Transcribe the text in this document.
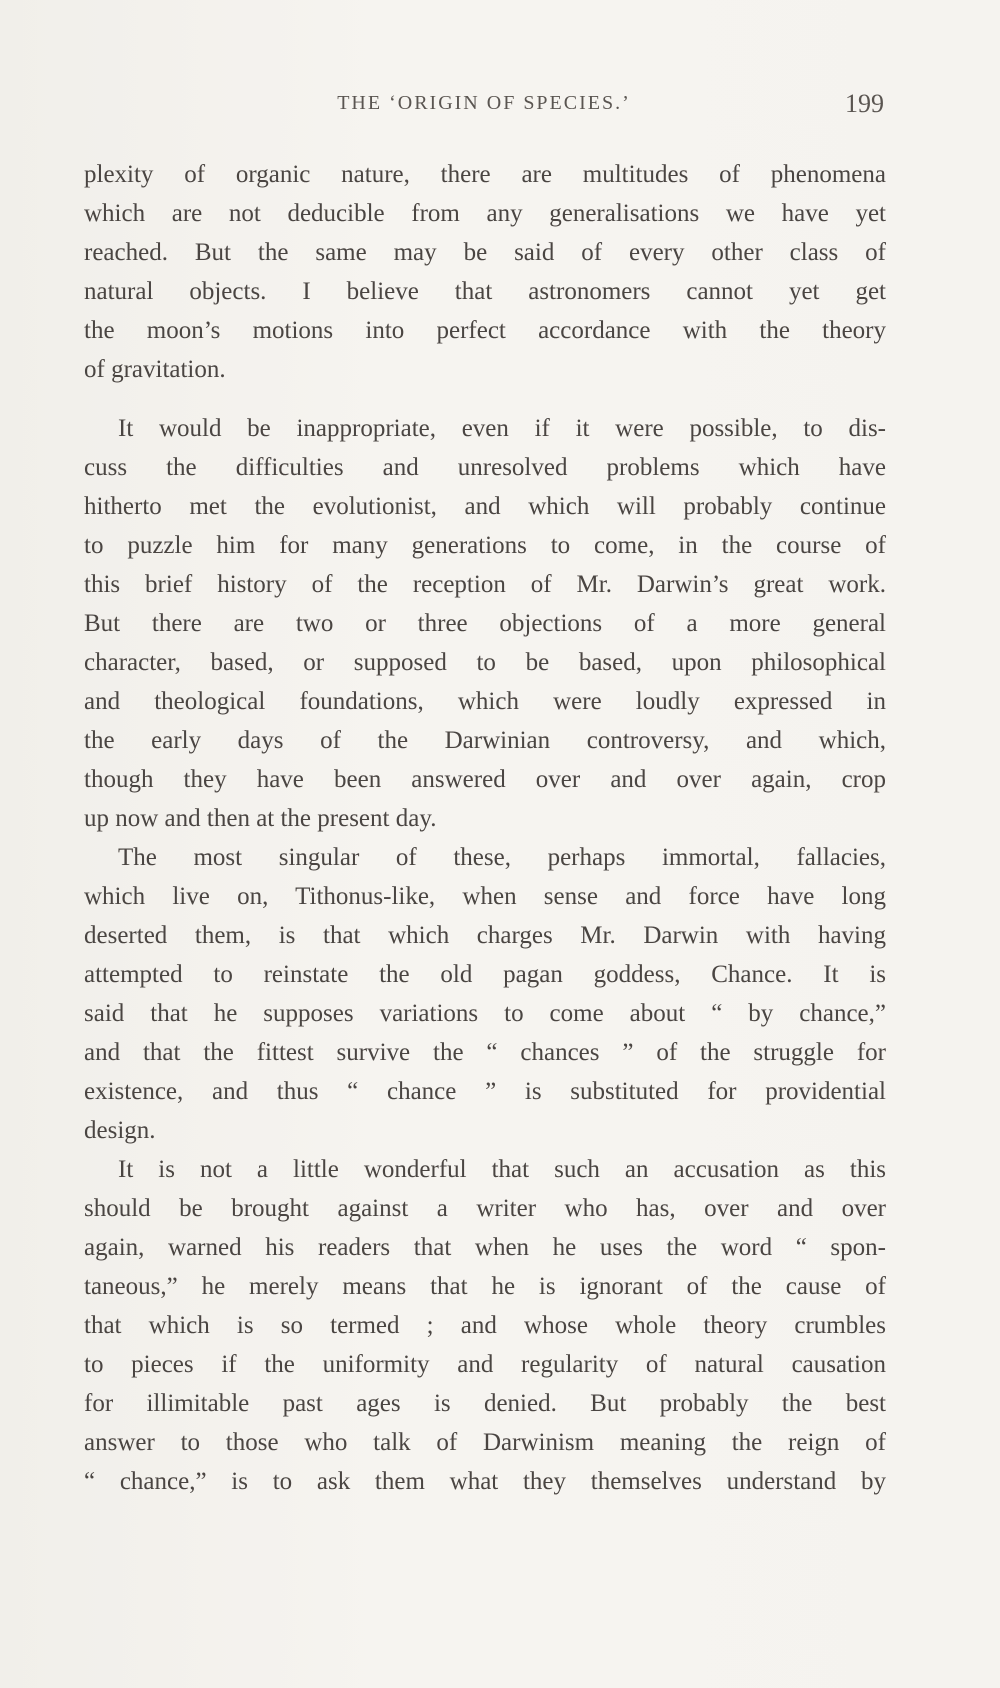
THE ‘ORIGIN OF SPECIES.’	199
plexity of organic nature, there are multitudes of phenomena
which are not deducible from any generalisations we have yet
reached. But the same may be said of every other class of
natural objects. I believe that astronomers cannot yet get
the moon’s motions into perfect accordance with the theory
of gravitation.
It would be inappropriate, even if it were possible, to dis-
cuss the difficulties and unresolved problems which have
hitherto met the evolutionist, and which will probably continue
to puzzle him for many generations to come, in the course of
this brief history of the reception of Mr. Darwin’s great work.
But there are two or three objections of a more general
character, based, or supposed to be based, upon philosophical
and theological foundations, which were loudly expressed in
the early days of the Darwinian controversy, and which,
though they have been answered over and over again, crop
up now and then at the present day.
The most singular of these, perhaps immortal, fallacies,
which live on, Tithonus-like, when sense and force have long
deserted them, is that which charges Mr. Darwin with having
attempted to reinstate the old pagan goddess, Chance. It is
said that he supposes variations to come about “ by chance,”
and that the fittest survive the “ chances ” of the struggle for
existence, and thus “ chance ” is substituted for providential
design.
It is not a little wonderful that such an accusation as this
should be brought against a writer who has, over and over
again, warned his readers that when he uses the word “ spon-
taneous,” he merely means that he is ignorant of the cause of
that which is so termed ; and whose whole theory crumbles
to pieces if the uniformity and regularity of natural causation
for illimitable past ages is denied. But probably the best
answer to those who talk of Darwinism meaning the reign of
“ chance,” is to ask them what they themselves understand by
